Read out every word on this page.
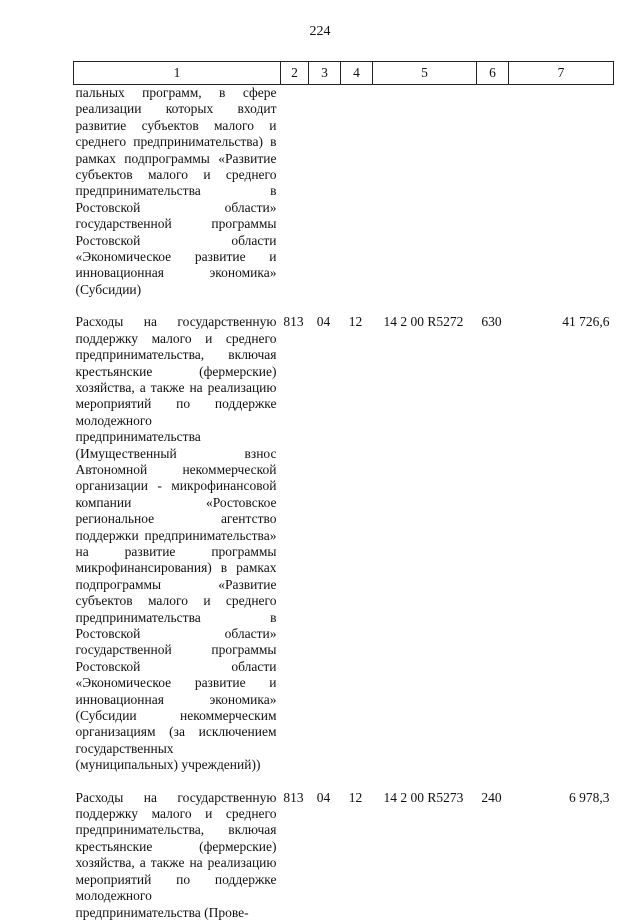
224
1	2	3	4	5	6	7
пальных программ, в сфере реализации которых входит развитие субъектов малого и среднего предпринимательства) в рамках подпрограммы «Развитие субъектов малого и среднего предпринимательства в Ростовской области» государственной программы Ростовской области «Экономическое развитие и инновационная экономика» (Субсидии)						

Расходы на государственную поддержку малого и среднего предпринимательства, включая крестьянские (фермерские) хозяйства, а также на реализацию мероприятий по поддержке молодежного предпринимательства (Имущественный взнос Автономной некоммерческой организации - микрофинансовой компании «Ростовское региональное агентство поддержки предпринимательства» на развитие программы микрофинансирования) в рамках подпрограммы «Развитие субъектов малого и среднего предпринимательства в Ростовской области» государственной программы Ростовской области «Экономическое развитие и инновационная экономика» (Субсидии некоммерческим организациям (за исключением государственных (муниципальных) учреждений))	813	04	12	14 2 00 R5272	630	41 726,6

Расходы на государственную поддержку малого и среднего предпринимательства, включая крестьянские (фермерские) хозяйства, а также на реализацию мероприятий по поддержке молодежного предпринимательства (Прове-	813	04	12	14 2 00 R5273	240	6 978,3
